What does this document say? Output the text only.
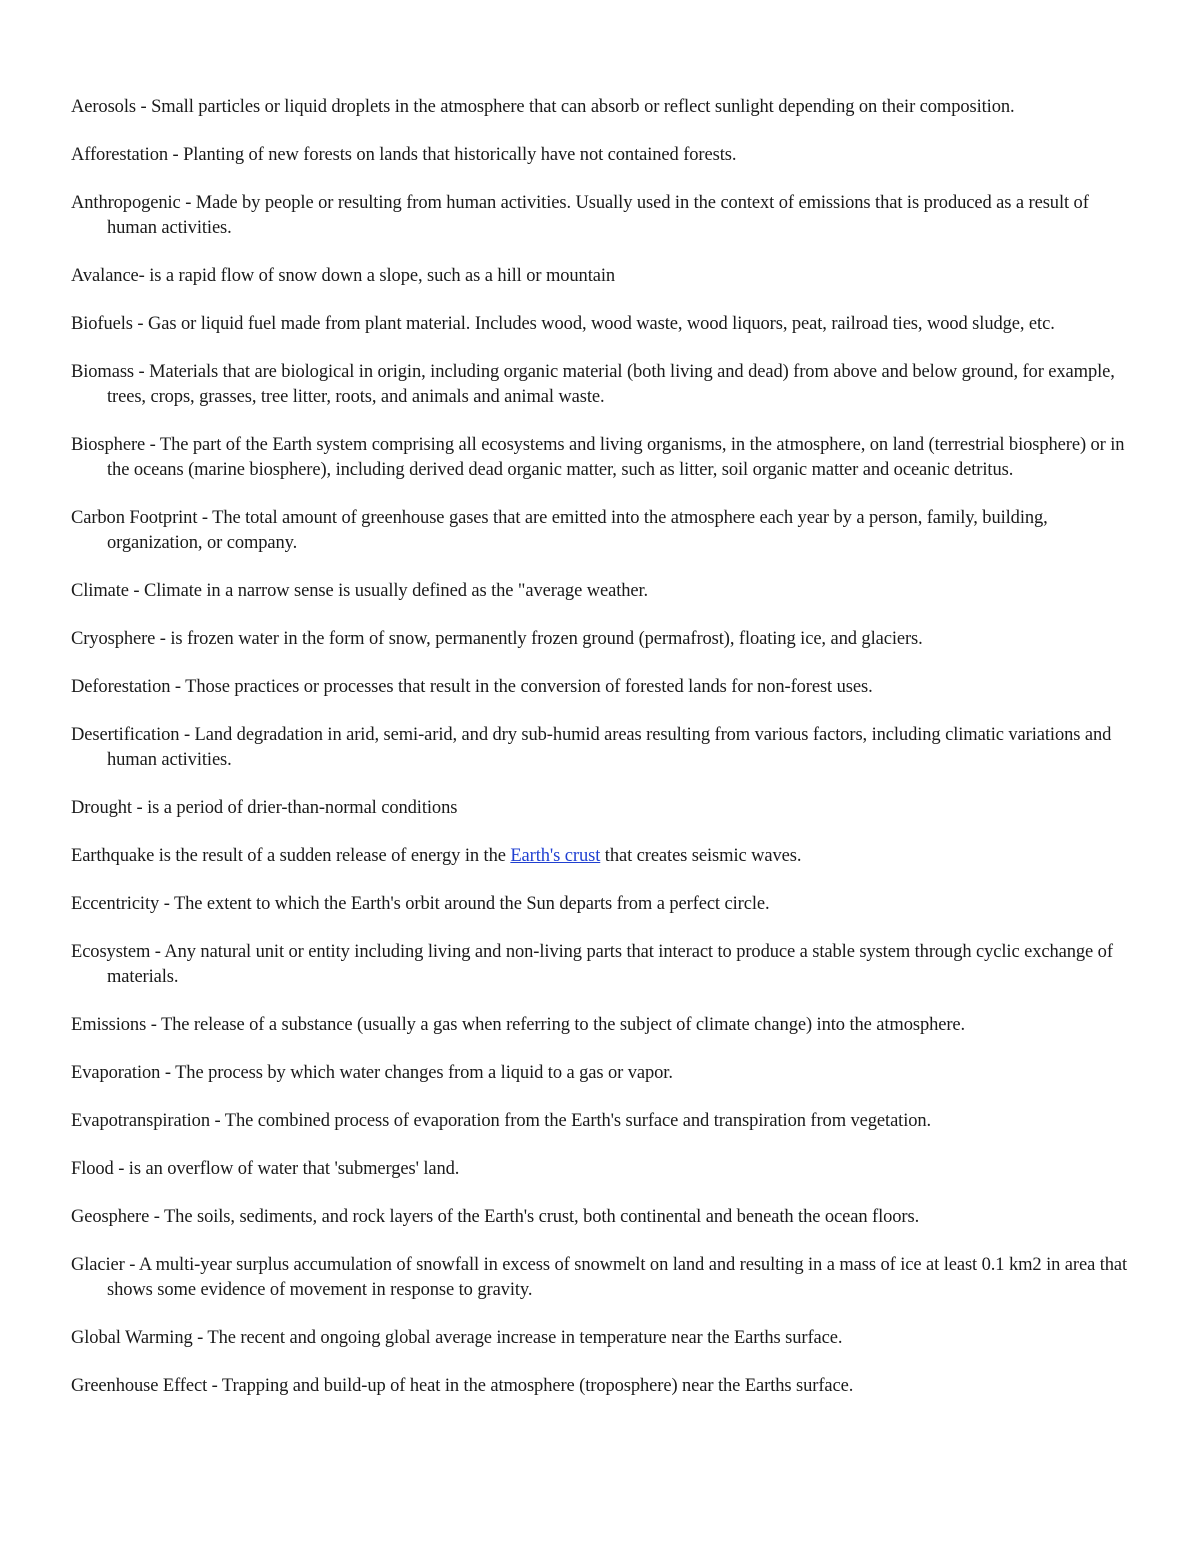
Aerosols - Small particles or liquid droplets in the atmosphere that can absorb or reflect sunlight depending on their composition.

Afforestation - Planting of new forests on lands that historically have not contained forests.

Anthropogenic - Made by people or resulting from human activities. Usually used in the context of emissions that is produced as a result of human activities.

Avalance- is a rapid flow of snow down a slope, such as a hill or mountain

Biofuels - Gas or liquid fuel made from plant material. Includes wood, wood waste, wood liquors, peat, railroad ties, wood sludge, etc.

Biomass - Materials that are biological in origin, including organic material (both living and dead) from above and below ground, for example, trees, crops, grasses, tree litter, roots, and animals and animal waste.

Biosphere - The part of the Earth system comprising all ecosystems and living organisms, in the atmosphere, on land (terrestrial biosphere) or in the oceans (marine biosphere), including derived dead organic matter, such as litter, soil organic matter and oceanic detritus.

Carbon Footprint - The total amount of greenhouse gases that are emitted into the atmosphere each year by a person, family, building, organization, or company.

Climate - Climate in a narrow sense is usually defined as the "average weather.

Cryosphere - is frozen water in the form of snow, permanently frozen ground (permafrost), floating ice, and glaciers.

Deforestation - Those practices or processes that result in the conversion of forested lands for non-forest uses.

Desertification - Land degradation in arid, semi-arid, and dry sub-humid areas resulting from various factors, including climatic variations and human activities.

Drought - is a period of drier-than-normal conditions

Earthquake is the result of a sudden release of energy in the Earth's crust that creates seismic waves.

Eccentricity - The extent to which the Earth's orbit around the Sun departs from a perfect circle.

Ecosystem - Any natural unit or entity including living and non-living parts that interact to produce a stable system through cyclic exchange of materials.

Emissions - The release of a substance (usually a gas when referring to the subject of climate change) into the atmosphere.

Evaporation - The process by which water changes from a liquid to a gas or vapor.

Evapotranspiration - The combined process of evaporation from the Earth's surface and transpiration from vegetation.

Flood - is an overflow of water that 'submerges' land.

Geosphere - The soils, sediments, and rock layers of the Earth's crust, both continental and beneath the ocean floors.

Glacier - A multi-year surplus accumulation of snowfall in excess of snowmelt on land and resulting in a mass of ice at least 0.1 km2 in area that shows some evidence of movement in response to gravity.

Global Warming - The recent and ongoing global average increase in temperature near the Earths surface.

Greenhouse Effect - Trapping and build-up of heat in the atmosphere (troposphere) near the Earths surface.
